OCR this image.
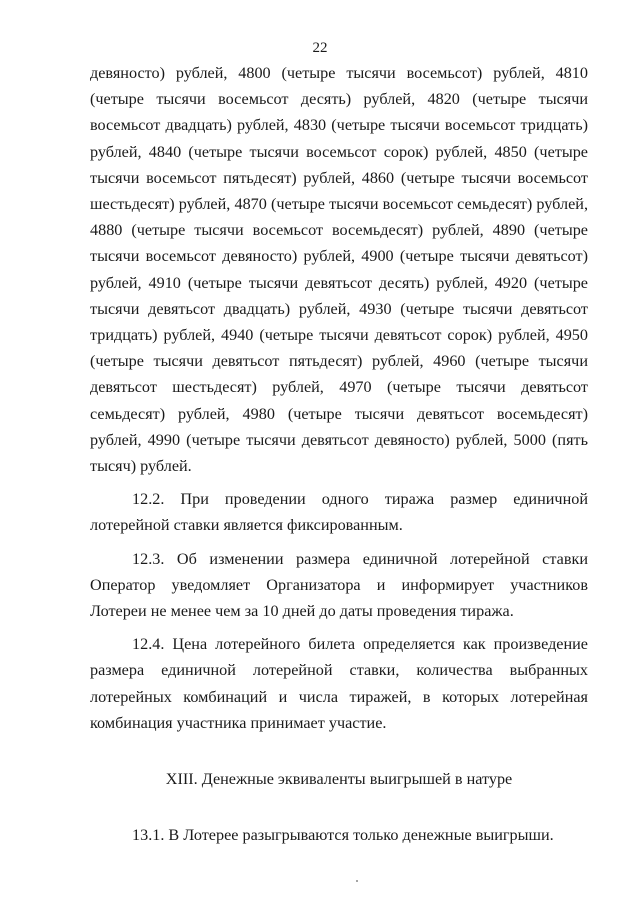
22

девяносто) рублей, 4800 (четыре тысячи восемьсот) рублей, 4810 (четыре тысячи восемьсот десять) рублей, 4820 (четыре тысячи восемьсот двадцать) рублей, 4830 (четыре тысячи восемьсот тридцать) рублей, 4840 (четыре тысячи восемьсот сорок) рублей, 4850 (четыре тысячи восемьсот пятьдесят) рублей, 4860 (четыре тысячи восемьсот шестьдесят) рублей, 4870 (четыре тысячи восемьсот семьдесят) рублей, 4880 (четыре тысячи восемьсот восемьдесят) рублей, 4890 (четыре тысячи восемьсот девяносто) рублей, 4900 (четыре тысячи девятьсот) рублей, 4910 (четыре тысячи девятьсот десять) рублей, 4920 (четыре тысячи девятьсот двадцать) рублей, 4930 (четыре тысячи девятьсот тридцать) рублей, 4940 (четыре тысячи девятьсот сорок) рублей, 4950 (четыре тысячи девятьсот пятьдесят) рублей, 4960 (четыре тысячи девятьсот шестьдесят) рублей, 4970 (четыре тысячи девятьсот семьдесят) рублей, 4980 (четыре тысячи девятьсот восемьдесят) рублей, 4990 (четыре тысячи девятьсот девяносто) рублей, 5000 (пять тысяч) рублей.

12.2. При проведении одного тиража размер единичной лотерейной ставки является фиксированным.

12.3. Об изменении размера единичной лотерейной ставки Оператор уведомляет Организатора и информирует участников Лотереи не менее чем за 10 дней до даты проведения тиража.

12.4. Цена лотерейного билета определяется как произведение размера единичной лотерейной ставки, количества выбранных лотерейных комбинаций и числа тиражей, в которых лотерейная комбинация участника принимает участие.

XIII. Денежные эквиваленты выигрышей в натуре

13.1. В Лотерее разыгрываются только денежные выигрыши.
